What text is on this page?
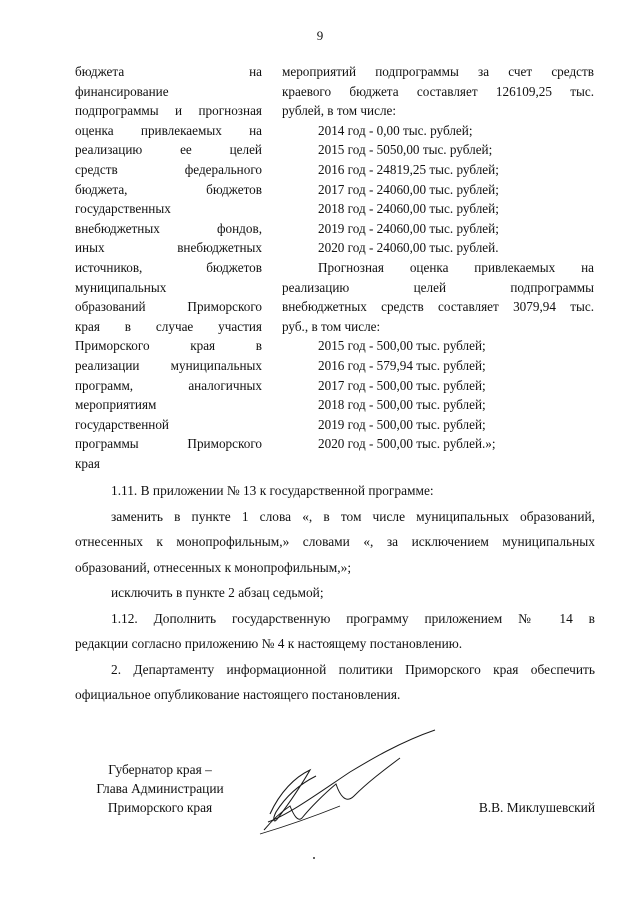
9
бюджета на
финансирование
подпрограммы и прогнозная
оценка привлекаемых на
реализацию ее целей
средств федерального
бюджета, бюджетов
государственных
внебюджетных фондов,
иных внебюджетных
источников, бюджетов
муниципальных
образований Приморского
края в случае участия
Приморского края в
реализации муниципальных
программ, аналогичных
мероприятиям
государственной
программы Приморского
края
мероприятий подпрограммы за счет средств
краевого бюджета составляет 126109,25 тыс.
рублей, в том числе:
2014 год - 0,00 тыс. рублей;
2015 год - 5050,00 тыс. рублей;
2016 год - 24819,25 тыс. рублей;
2017 год - 24060,00 тыс. рублей;
2018 год - 24060,00 тыс. рублей;
2019 год - 24060,00 тыс. рублей;
2020 год - 24060,00 тыс. рублей.
Прогнозная оценка привлекаемых на
реализацию целей подпрограммы
внебюджетных средств составляет 3079,94 тыс.
руб., в том числе:
2015 год - 500,00 тыс. рублей;
2016 год - 579,94 тыс. рублей;
2017 год - 500,00 тыс. рублей;
2018 год - 500,00 тыс. рублей;
2019 год - 500,00 тыс. рублей;
2020 год - 500,00 тыс. рублей.»;
1.11. В приложении № 13 к государственной программе:
заменить в пункте 1 слова «, в том числе муниципальных образований,
отнесенных к монопрофильным,» словами «, за исключением муниципальных
образований, отнесенных к монопрофильным,»;
исключить в пункте 2 абзац седьмой;
1.12. Дополнить государственную программу приложением № 14 в
редакции согласно приложению № 4 к настоящему постановлению.
2. Департаменту информационной политики Приморского края обеспечить
официальное опубликование настоящего постановления.
Губернатор края –
Глава Администрации
Приморского края	В.В. Миклушевский
